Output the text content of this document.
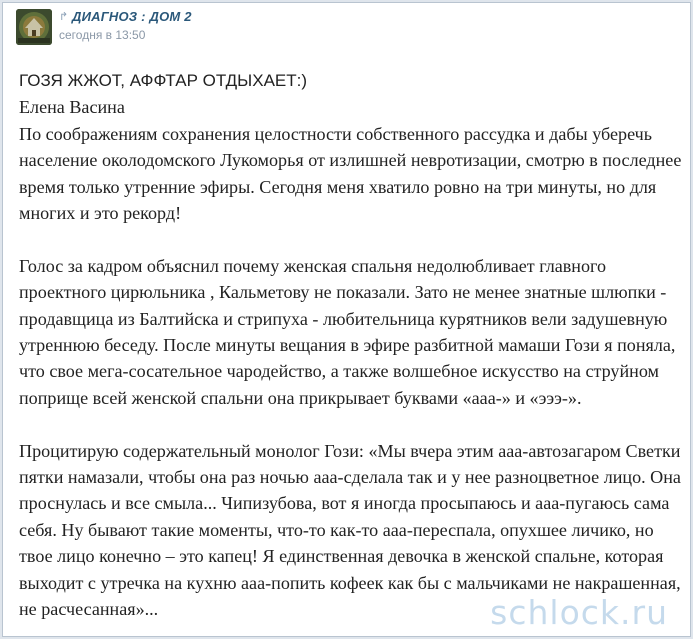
↱ ДИАГНОЗ : ДОМ 2
сегодня в 13:50

ГОЗЯ ЖЖОТ, АФФТАР ОТДЫХАЕТ:)

Елена Васина

По соображениям сохранения целостности собственного рассудка и дабы уберечь население околодомского Лукоморья от излишней невротизации, смотрю в последнее время только утренние эфиры. Сегодня меня хватило ровно на три минуты, но для многих и это рекорд!

Голос за кадром объяснил почему женская спальня недолюбливает главного проектного цирюльника , Кальметову не показали. Зато не менее знатные шлюпки - продавщица из Балтийска и стрипуха - любительница курятников вели задушевную утреннюю беседу. После минуты вещания в эфире разбитной мамаши Гози я поняла, что свое мега-сосательное чародейство, а также волшебное искусство на струйном поприще всей женской спальни она прикрывает буквами «ааа-» и «эээ-».

Процитирую содержательный монолог Гози: «Мы вчера этим ааа-автозагаром Светки пятки намазали, чтобы она раз ночью ааа-сделала так и у нее разноцветное лицо. Она проснулась и все смыла... Чипизубова, вот я иногда просыпаюсь и ааа-пугаюсь сама себя. Ну бывают такие моменты, что-то как-то ааа-переспала, опухшее личико, но твое лицо конечно – это капец! Я единственная девочка в женской спальне, которая выходит с утречка на кухню ааа-попить кофеек как бы с мальчиками не накрашенная, не расчесанная»...	schlock.ru
